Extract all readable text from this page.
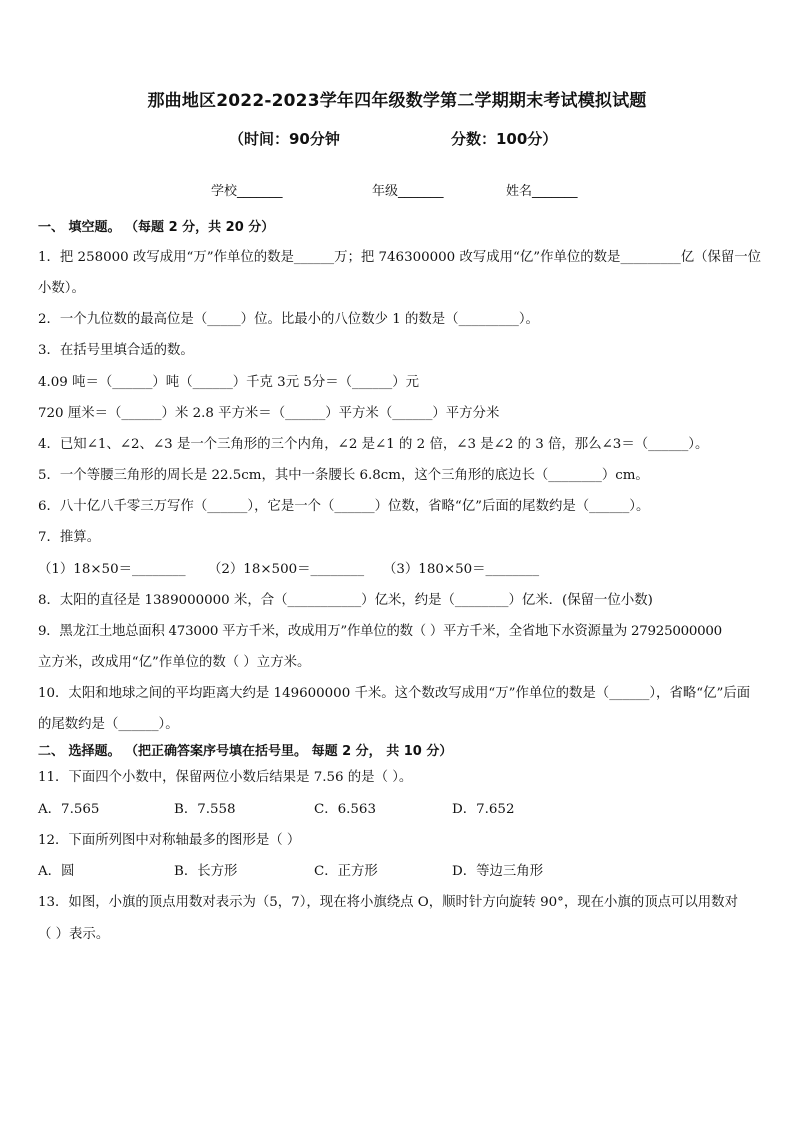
那曲地区2022-2023学年四年级数学第二学期期末考试模拟试题
（时间：90分钟	分数：100分）
学校_______	年级_______	姓名_______
一、 填空题。 （每题 2 分，共 20 分）
1．把 258000 改写成用“万”作单位的数是______万；把 746300000 改写成用“亿”作单位的数是_________亿（保留一位
小数）。
2．一个九位数的最高位是（_____）位。比最小的八位数少 1 的数是（_________）。
3．在括号里填合适的数。
4.09 吨＝（______）吨（______）千克 3元 5分＝（______）元
720 厘米＝（______）米 2.8 平方米＝（______）平方米（______）平方分米
4．已知∠1、∠2、∠3 是一个三角形的三个内角，∠2 是∠1 的 2 倍，∠3 是∠2 的 3 倍，那么∠3＝（______）。
5．一个等腰三角形的周长是 22.5cm，其中一条腰长 6.8cm，这个三角形的底边长（________）cm。
6．八十亿八千零三万写作（______），它是一个（______）位数，省略“亿”后面的尾数约是（______）。
7．推算。
（1）18×50＝________ （2）18×500＝________ （3）180×50＝________
8．太阳的直径是 1389000000 米，合（___________）亿米，约是（________）亿米．(保留一位小数)
9．黑龙江土地总面积 473000 平方千米，改成用万”作单位的数（ ）平方千米，全省地下水资源量为 27925000000
立方米，改成用“亿”作单位的数（ ）立方米。
10．太阳和地球之间的平均距离大约是 149600000 千米。这个数改写成用“万”作单位的数是（______），省略“亿”后面
的尾数约是（______）。
二、 选择题。 （把正确答案序号填在括号里。 每题 2 分， 共 10 分）
11．下面四个小数中，保留两位小数后结果是 7.56 的是（ ）。
A．7.565	B．7.558	C．6.563	D．7.652
12．下面所列图中对称轴最多的图形是（ ）
A．圆	B．长方形	C．正方形	D．等边三角形
13．如图，小旗的顶点用数对表示为（5，7），现在将小旗绕点 O，顺时针方向旋转 90°，现在小旗的顶点可以用数对
（ ）表示。
